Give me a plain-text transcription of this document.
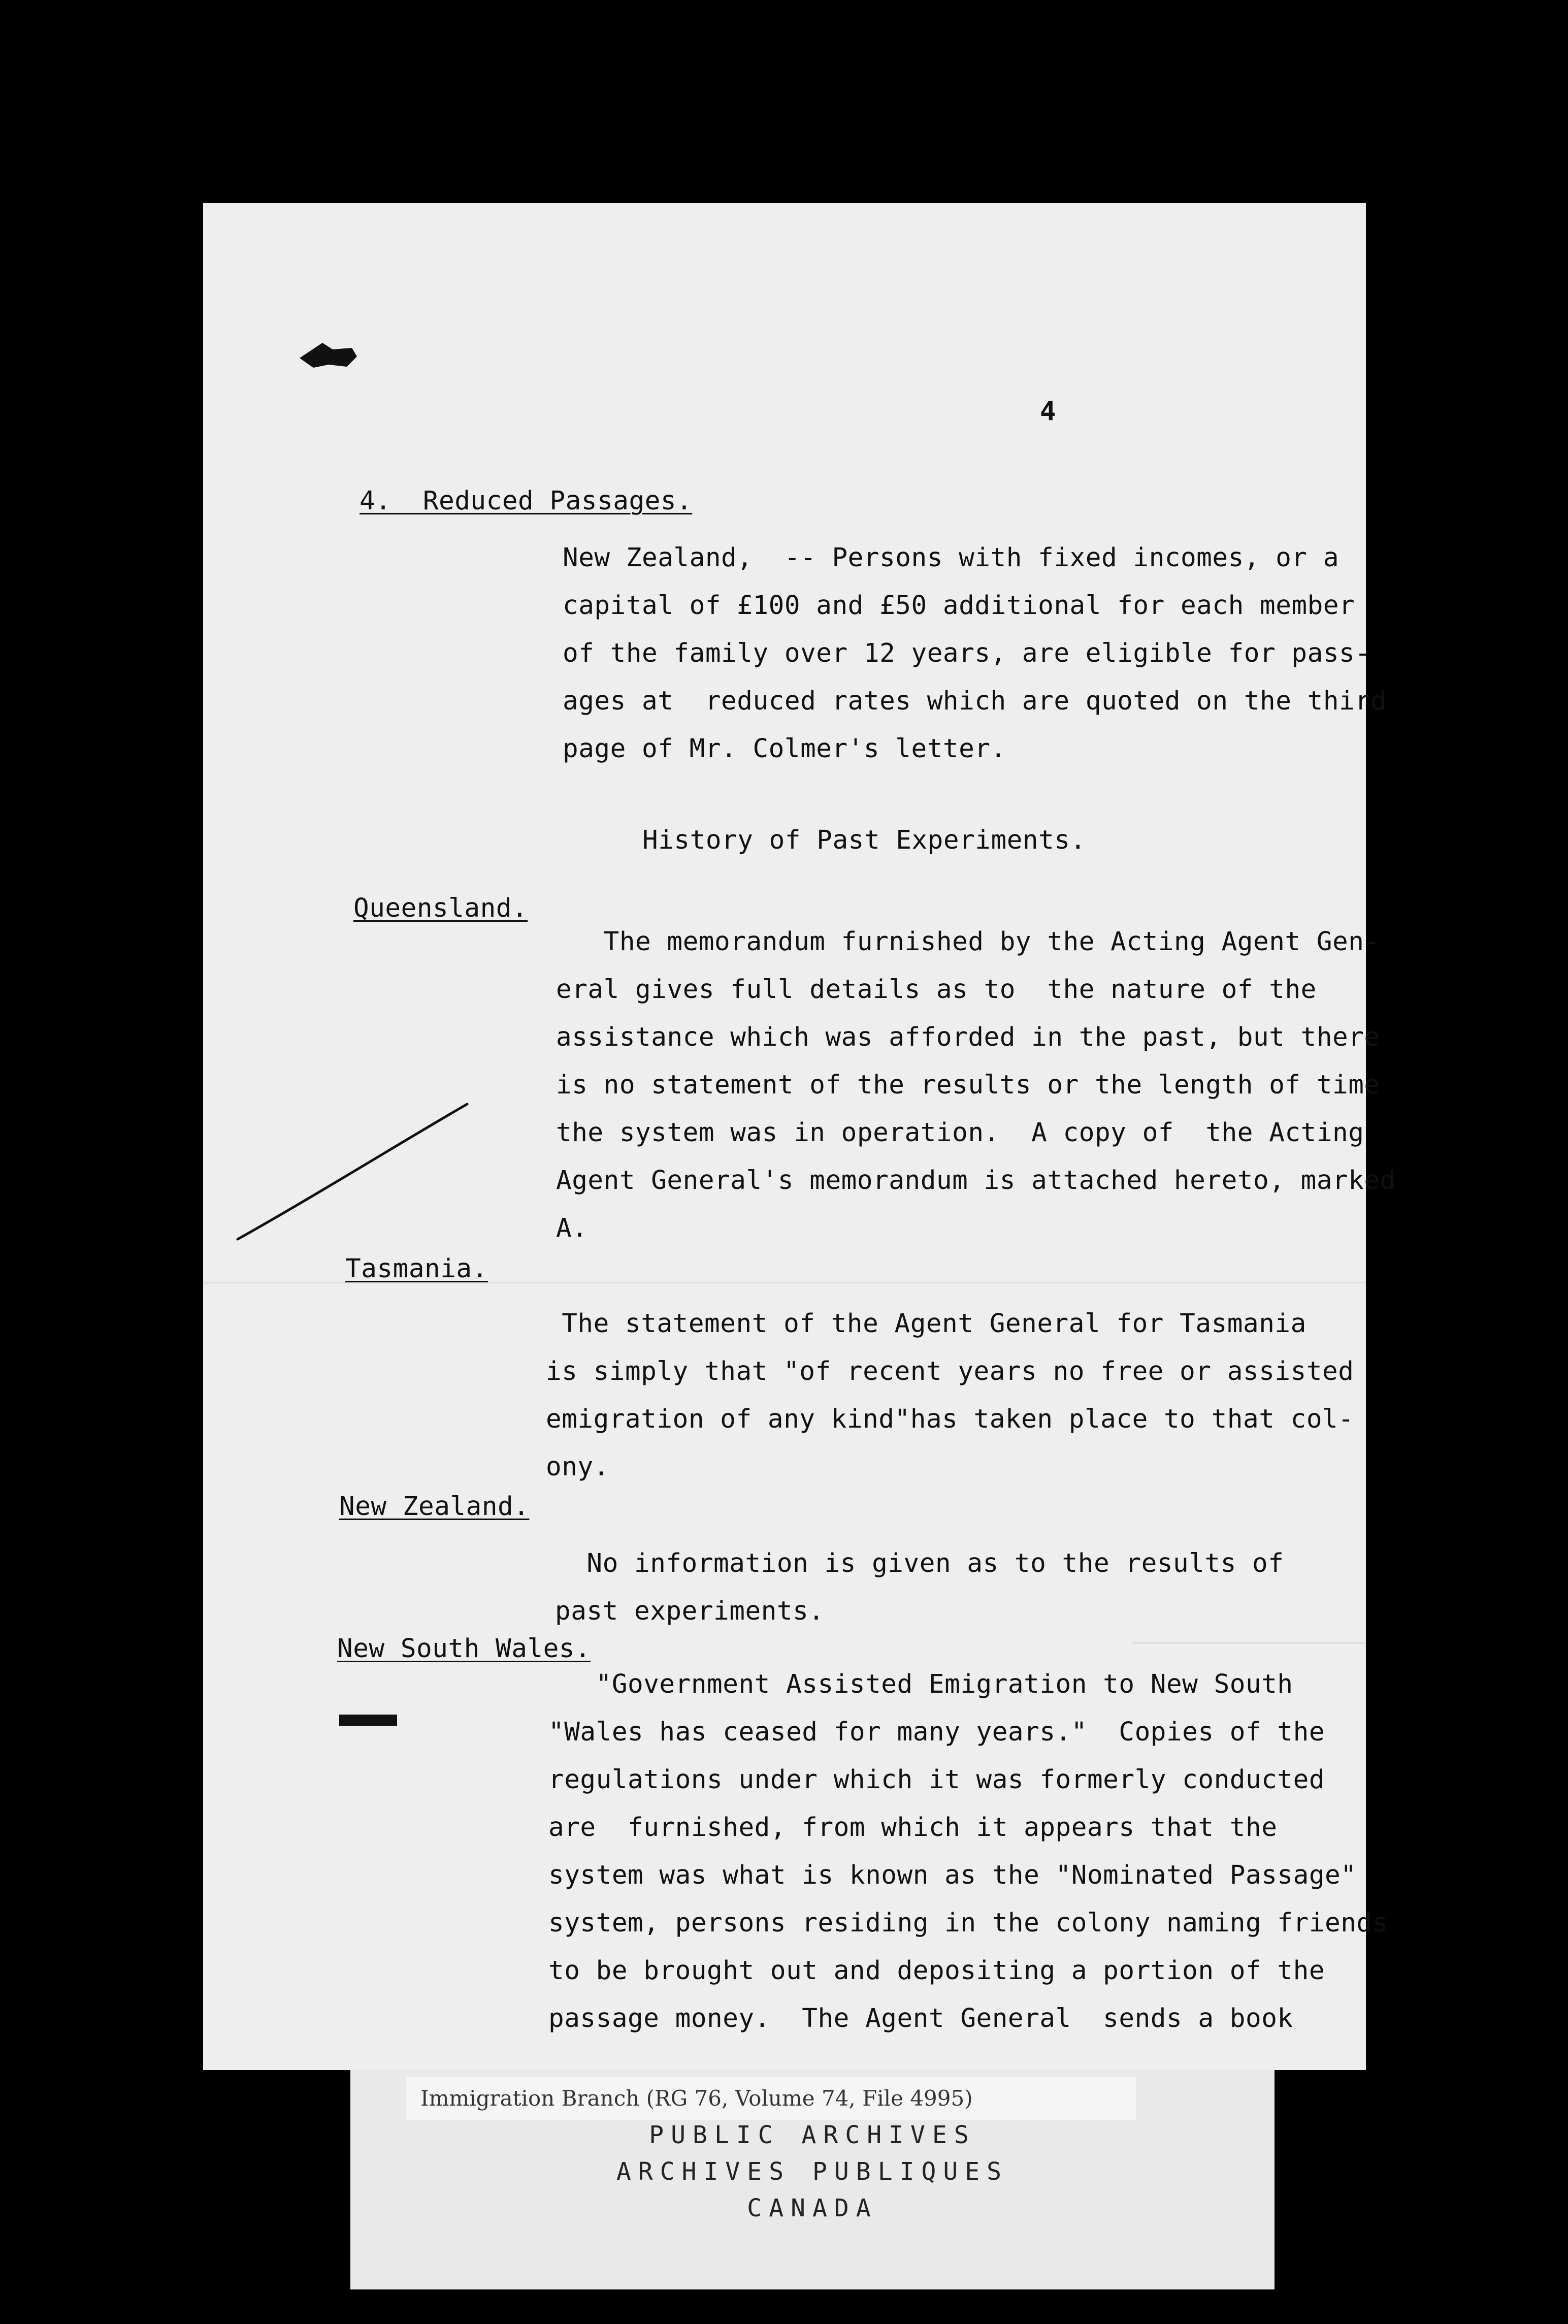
4
4.  Reduced Passages.
New Zealand,  -- Persons with fixed incomes, or a
capital of £100 and £50 additional for each member
of the family over 12 years, are eligible for pass-
ages at  reduced rates which are quoted on the third
page of Mr. Colmer's letter.
History of Past Experiments.
Queensland.
The memorandum furnished by the Acting Agent Gen-
eral gives full details as to  the nature of the
assistance which was afforded in the past, but there
is no statement of the results or the length of time
the system was in operation.  A copy of  the Acting
Agent General's memorandum is attached hereto, marked
A.
Tasmania.
The statement of the Agent General for Tasmania
is simply that "of recent years no free or assisted
emigration of any kind"has taken place to that col-
ony.
New Zealand.
No information is given as to the results of
past experiments.
New South Wales.
"Government Assisted Emigration to New South
"Wales has ceased for many years."  Copies of the
regulations under which it was formerly conducted
are  furnished, from which it appears that the
system was what is known as the "Nominated Passage"
system, persons residing in the colony naming friends
to be brought out and depositing a portion of the
passage money.  The Agent General  sends a book
Immigration Branch (RG 76, Volume 74, File 4995)
PUBLIC ARCHIVES
ARCHIVES PUBLIQUES
CANADA
